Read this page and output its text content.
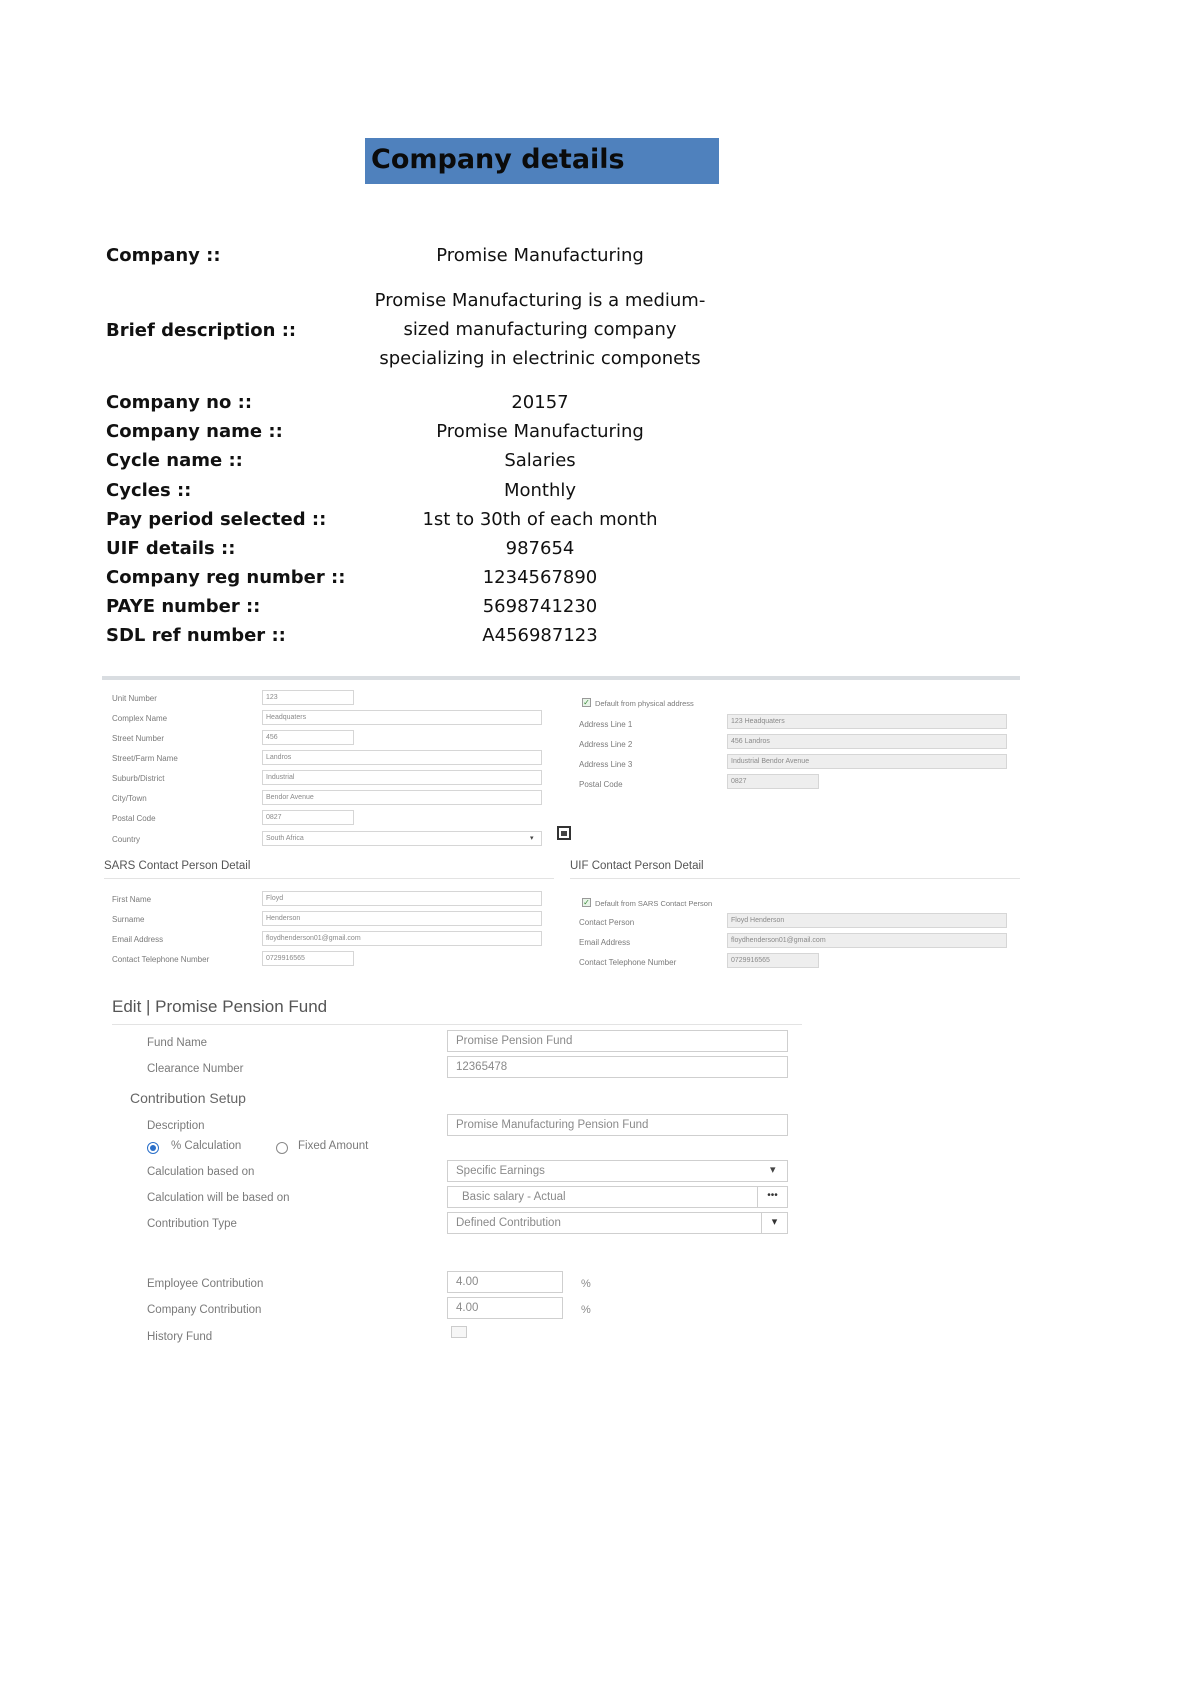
Company details
Company ::	Promise Manufacturing
Brief description ::
Promise Manufacturing is a medium-
sized manufacturing company
specializing in electrinic componets
Company no ::	20157
Company name ::	Promise Manufacturing
Cycle name ::	Salaries
Cycles ::	Monthly
Pay period selected ::	1st to 30th of each month
UIF details ::	987654
Company reg number ::	1234567890
PAYE number ::	5698741230
SDL ref number ::	A456987123
Unit Number	123
Complex Name	Headquaters
Street Number	456
Street/Farm Name	Landros
Suburb/District	Industrial
City/Town	Bendor Avenue
Postal Code	0827
Country	South Africa	▾
✓ Default from physical address
Address Line 1	123 Headquaters
Address Line 2	456 Landros
Address Line 3	Industrial Bendor Avenue
Postal Code	0827
SARS Contact Person Detail
First Name	Floyd
Surname	Henderson
Email Address	floydhenderson01@gmail.com
Contact Telephone Number	0729916565
UIF Contact Person Detail
✓ Default from SARS Contact Person
Contact Person	Floyd Henderson
Email Address	floydhenderson01@gmail.com
Contact Telephone Number	0729916565
Edit | Promise Pension Fund
Fund Name	Promise Pension Fund
Clearance Number	12365478
Contribution Setup
Description	Promise Manufacturing Pension Fund
% Calculation	Fixed Amount
Calculation based on	Specific Earnings	▾
Calculation will be based on	Basic salary - Actual	•••
Contribution Type	Defined Contribution	▾
Employee Contribution	4.00	%
Company Contribution	4.00	%
History Fund
